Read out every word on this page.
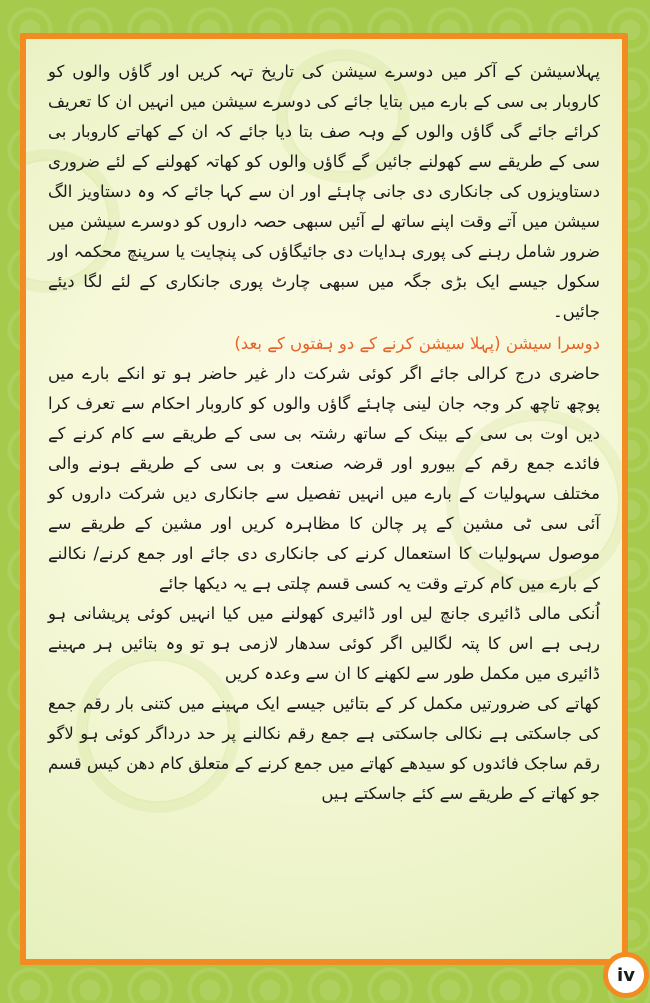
پہلاسیشن کے آکر میں دوسرے سیشن کی تاریخ تہہ کریں اور گاؤں والوں کو کاروبار بی سی کے بارے میں بتایا جائے کی دوسرے سیشن میں انہیں ان کا تعریف کرائے جائے گی گاؤں والوں کے وہہ صف بتا دیا جائے کہ ان کے کھاتے کاروبار بی سی کے طریقے سے کھولنے جائیں گے گاؤں والوں کو کھاتہ کھولنے کے لئے ضروری دستاویزوں کی جانکاری دی جانی چاہئے اور ان سے کہا جائے کہ وہ دستاویز الگ سیشن میں آتے وقت اپنے ساتھ لے آئیں سبھی حصہ داروں کو دوسرے سیشن میں ضرور شامل رہنے کی پوری ہدایات دی جائیگاؤں کی پنچایت یا سرپنچ محکمہ اور سکول جیسے ایک بڑی جگہ میں سبھی چارٹ پوری جانکاری کے لئے لگا دیئے جائیں۔

دوسرا سیشن (پہلا سیشن کرنے کے دو ہفتوں کے بعد)

حاضری درج کرالی جائے اگر کوئی شرکت دار غیر حاضر ہو تو انکے بارے میں پوچھ تاچھ کر وجہ جان لینی چاہئے گاؤں والوں کو کاروبار احکام سے تعرف کرا دیں اوت بی سی کے بینک کے ساتھ رشتہ بی سی کے طریقے سے کام کرنے کے فائدے جمع رقم کے بیورو اور قرضہ صنعت و بی سی کے طریقے ہونے والی مختلف سہولیات کے بارے میں انہیں تفصیل سے جانکاری دیں شرکت داروں کو آئی سی ٹی مشین کے پر چالن کا مظاہرہ کریں اور مشین کے طریقے سے موصول سہولیات کا استعمال کرنے کی جانکاری دی جائے اور جمع کرنے/ نکالنے کے بارے میں کام کرتے وقت یہ کسی قسم چلتی ہے یہ دیکھا جائے

اُنکی مالی ڈائیری جانچ لیں اور ڈائیری کھولنے میں کیا انہیں کوئی پریشانی ہو رہی ہے اس کا پتہ لگالیں اگر کوئی سدھار لازمی ہو تو وہ بتائیں ہر مہینے ڈائیری میں مکمل طور سے لکھنے کا ان سے وعدہ کریں

کھاتے کی ضرورتیں مکمل کر کے بتائیں جیسے ایک مہینے میں کتنی بار رقم جمع کی جاسکتی ہے نکالی جاسکتی ہے جمع رقم نکالنے پر حد درداگر کوئی ہو لاگو رقم ساجک فائدوں کو سیدھے کھاتے میں جمع کرنے کے متعلق کام دھن کیس قسم جو کھاتے کے طریقے سے کئے جاسکتے ہیں

iv
